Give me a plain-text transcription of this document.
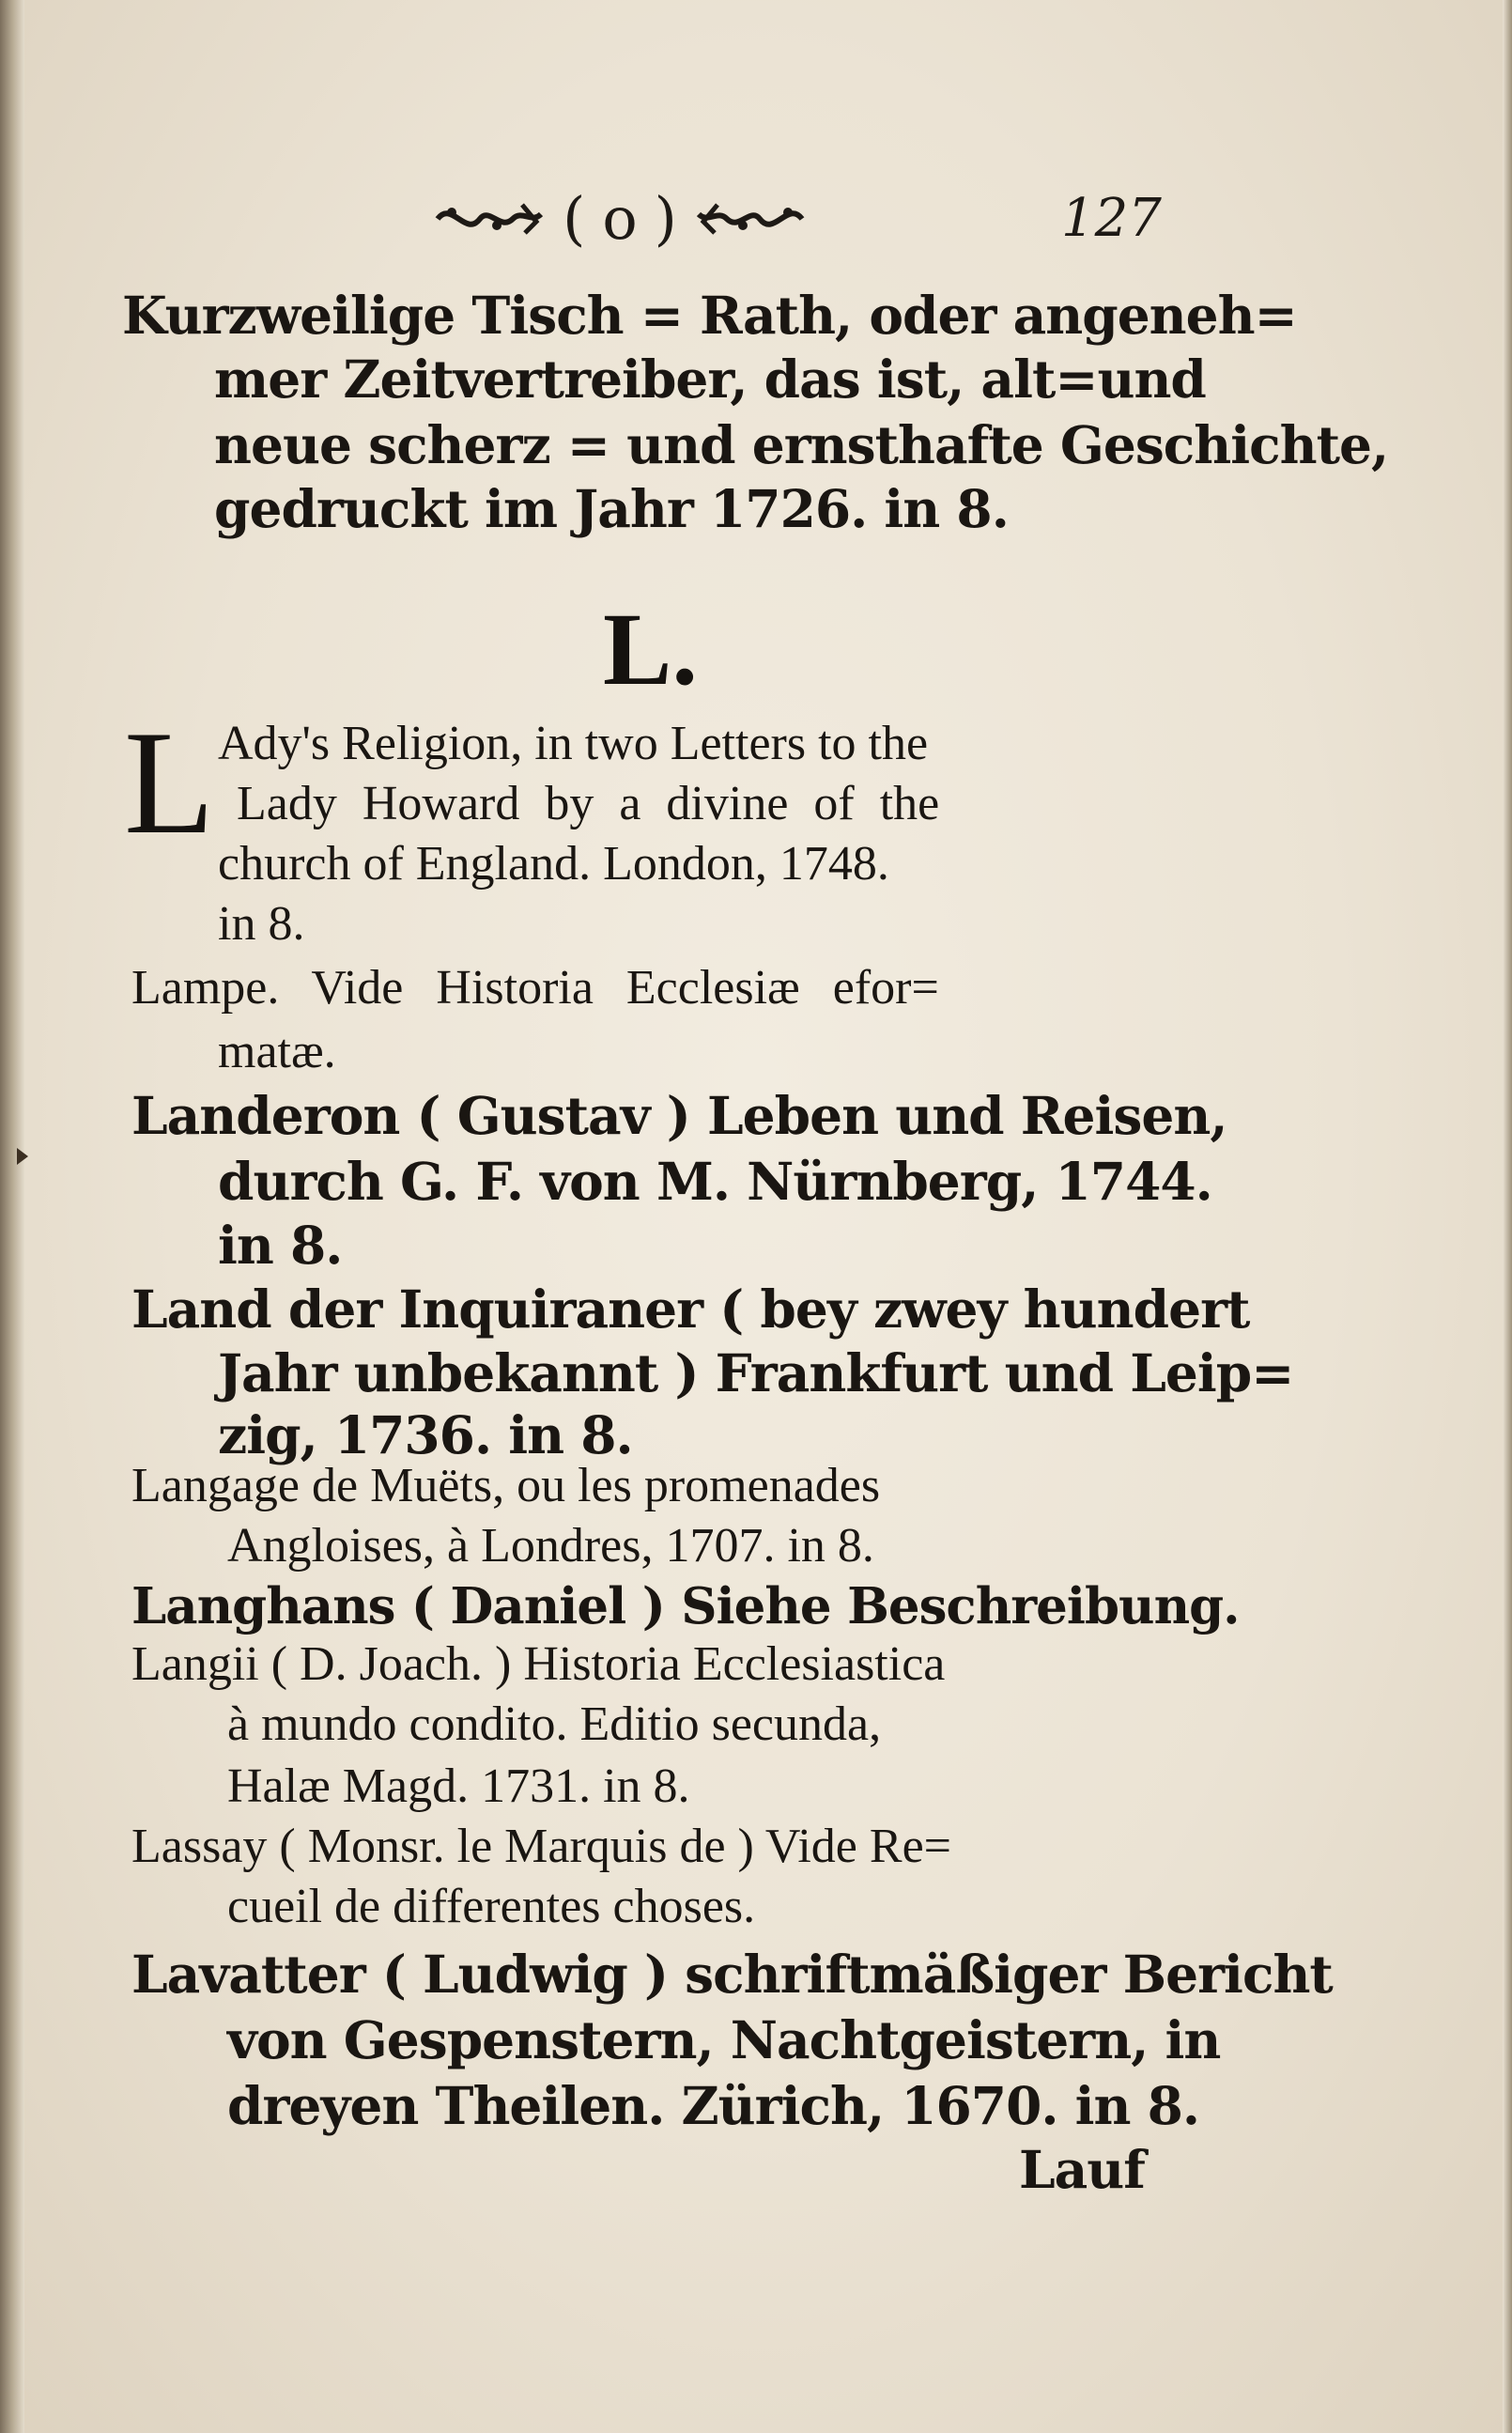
( o )	127
Kurzweilige Tisch = Rath, oder angeneh=
mer Zeitvertreiber, das ist, alt=und
neue scherz = und ernsthafte Geschichte,
gedruckt im Jahr 1726. in 8.
L.
L Ady's Religion, in two Letters to the
Lady Howard by a divine of the
church of England. London, 1748.
in 8.
Lampe. Vide Historia Ecclesiæ efor=
matæ.
Landeron ( Gustav ) Leben und Reisen,
durch G. F. von M. Nürnberg, 1744.
in 8.
Land der Inquiraner ( bey zwey hundert
Jahr unbekannt ) Frankfurt und Leip=
zig, 1736. in 8.
Langage de Muëts, ou les promenades
Angloises, à Londres, 1707. in 8.
Langhans ( Daniel ) Siehe Beschreibung.
Langii ( D. Joach. ) Historia Ecclesiastica
à mundo condito. Editio secunda,
Halæ Magd. 1731. in 8.
Lassay ( Monsr. le Marquis de ) Vide Re=
cueil de differentes choses.
Lavatter ( Ludwig ) schriftmäßiger Bericht
von Gespenstern, Nachtgeistern, in
dreyen Theilen. Zürich, 1670. in 8.
Lauf
